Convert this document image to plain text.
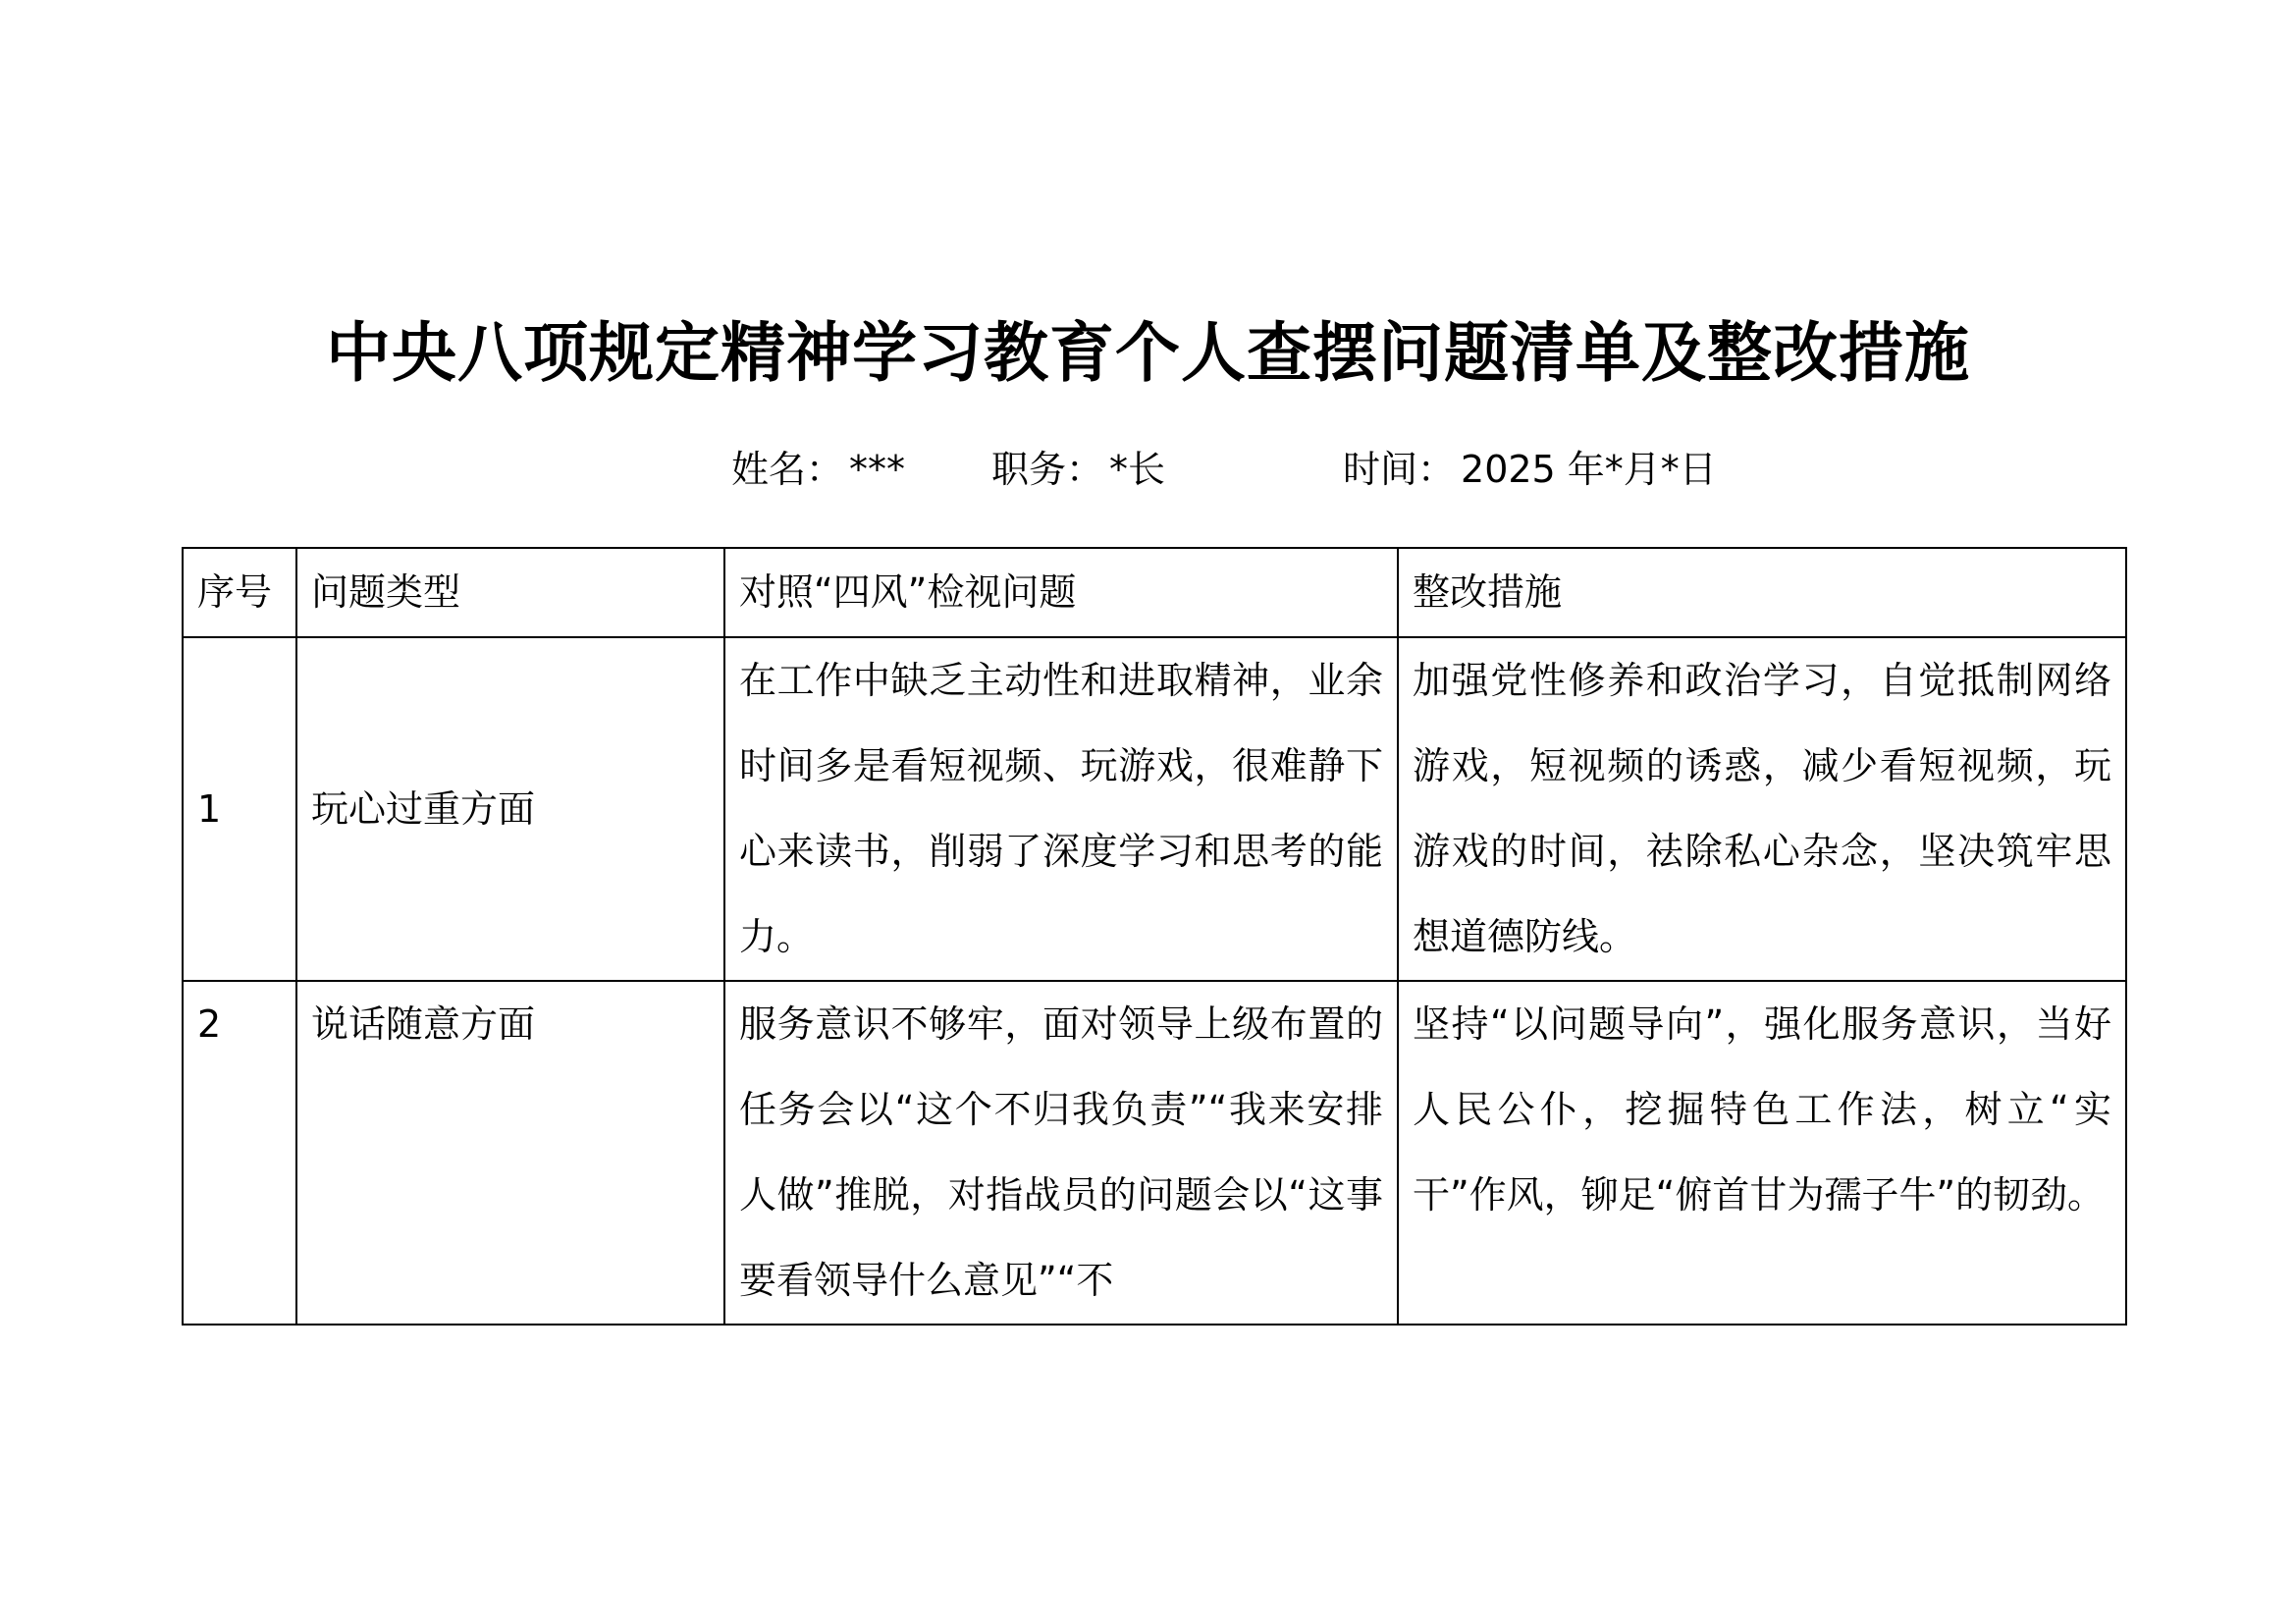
中央八项规定精神学习教育个人查摆问题清单及整改措施
姓名： *** 职务： *长	时间： 2025 年*月*日
序号	问题类型	对照“四风”检视问题	整改措施
1	玩心过重方面	在工作中缺乏主动性和进取精神，业余时间多是看短视频、玩游戏，很难静下心来读书，削弱了深度学习和思考的能力。	加强党性修养和政治学习，自觉抵制网络游戏，短视频的诱惑，减少看短视频，玩游戏的时间，祛除私心杂念，坚决筑牢思想道德防线。

2	说话随意方面	服务意识不够牢，面对领导上级布置的任务会以“这个不归我负责”“我来安排人做”推脱，对指战员的问题会以“这事要看领导什么意见”“不	坚持“以问题导向”，强化服务意识，当好人民公仆，挖掘特色工作法，树立“实干”作风，铆足“俯首甘为孺子牛”的韧劲。
